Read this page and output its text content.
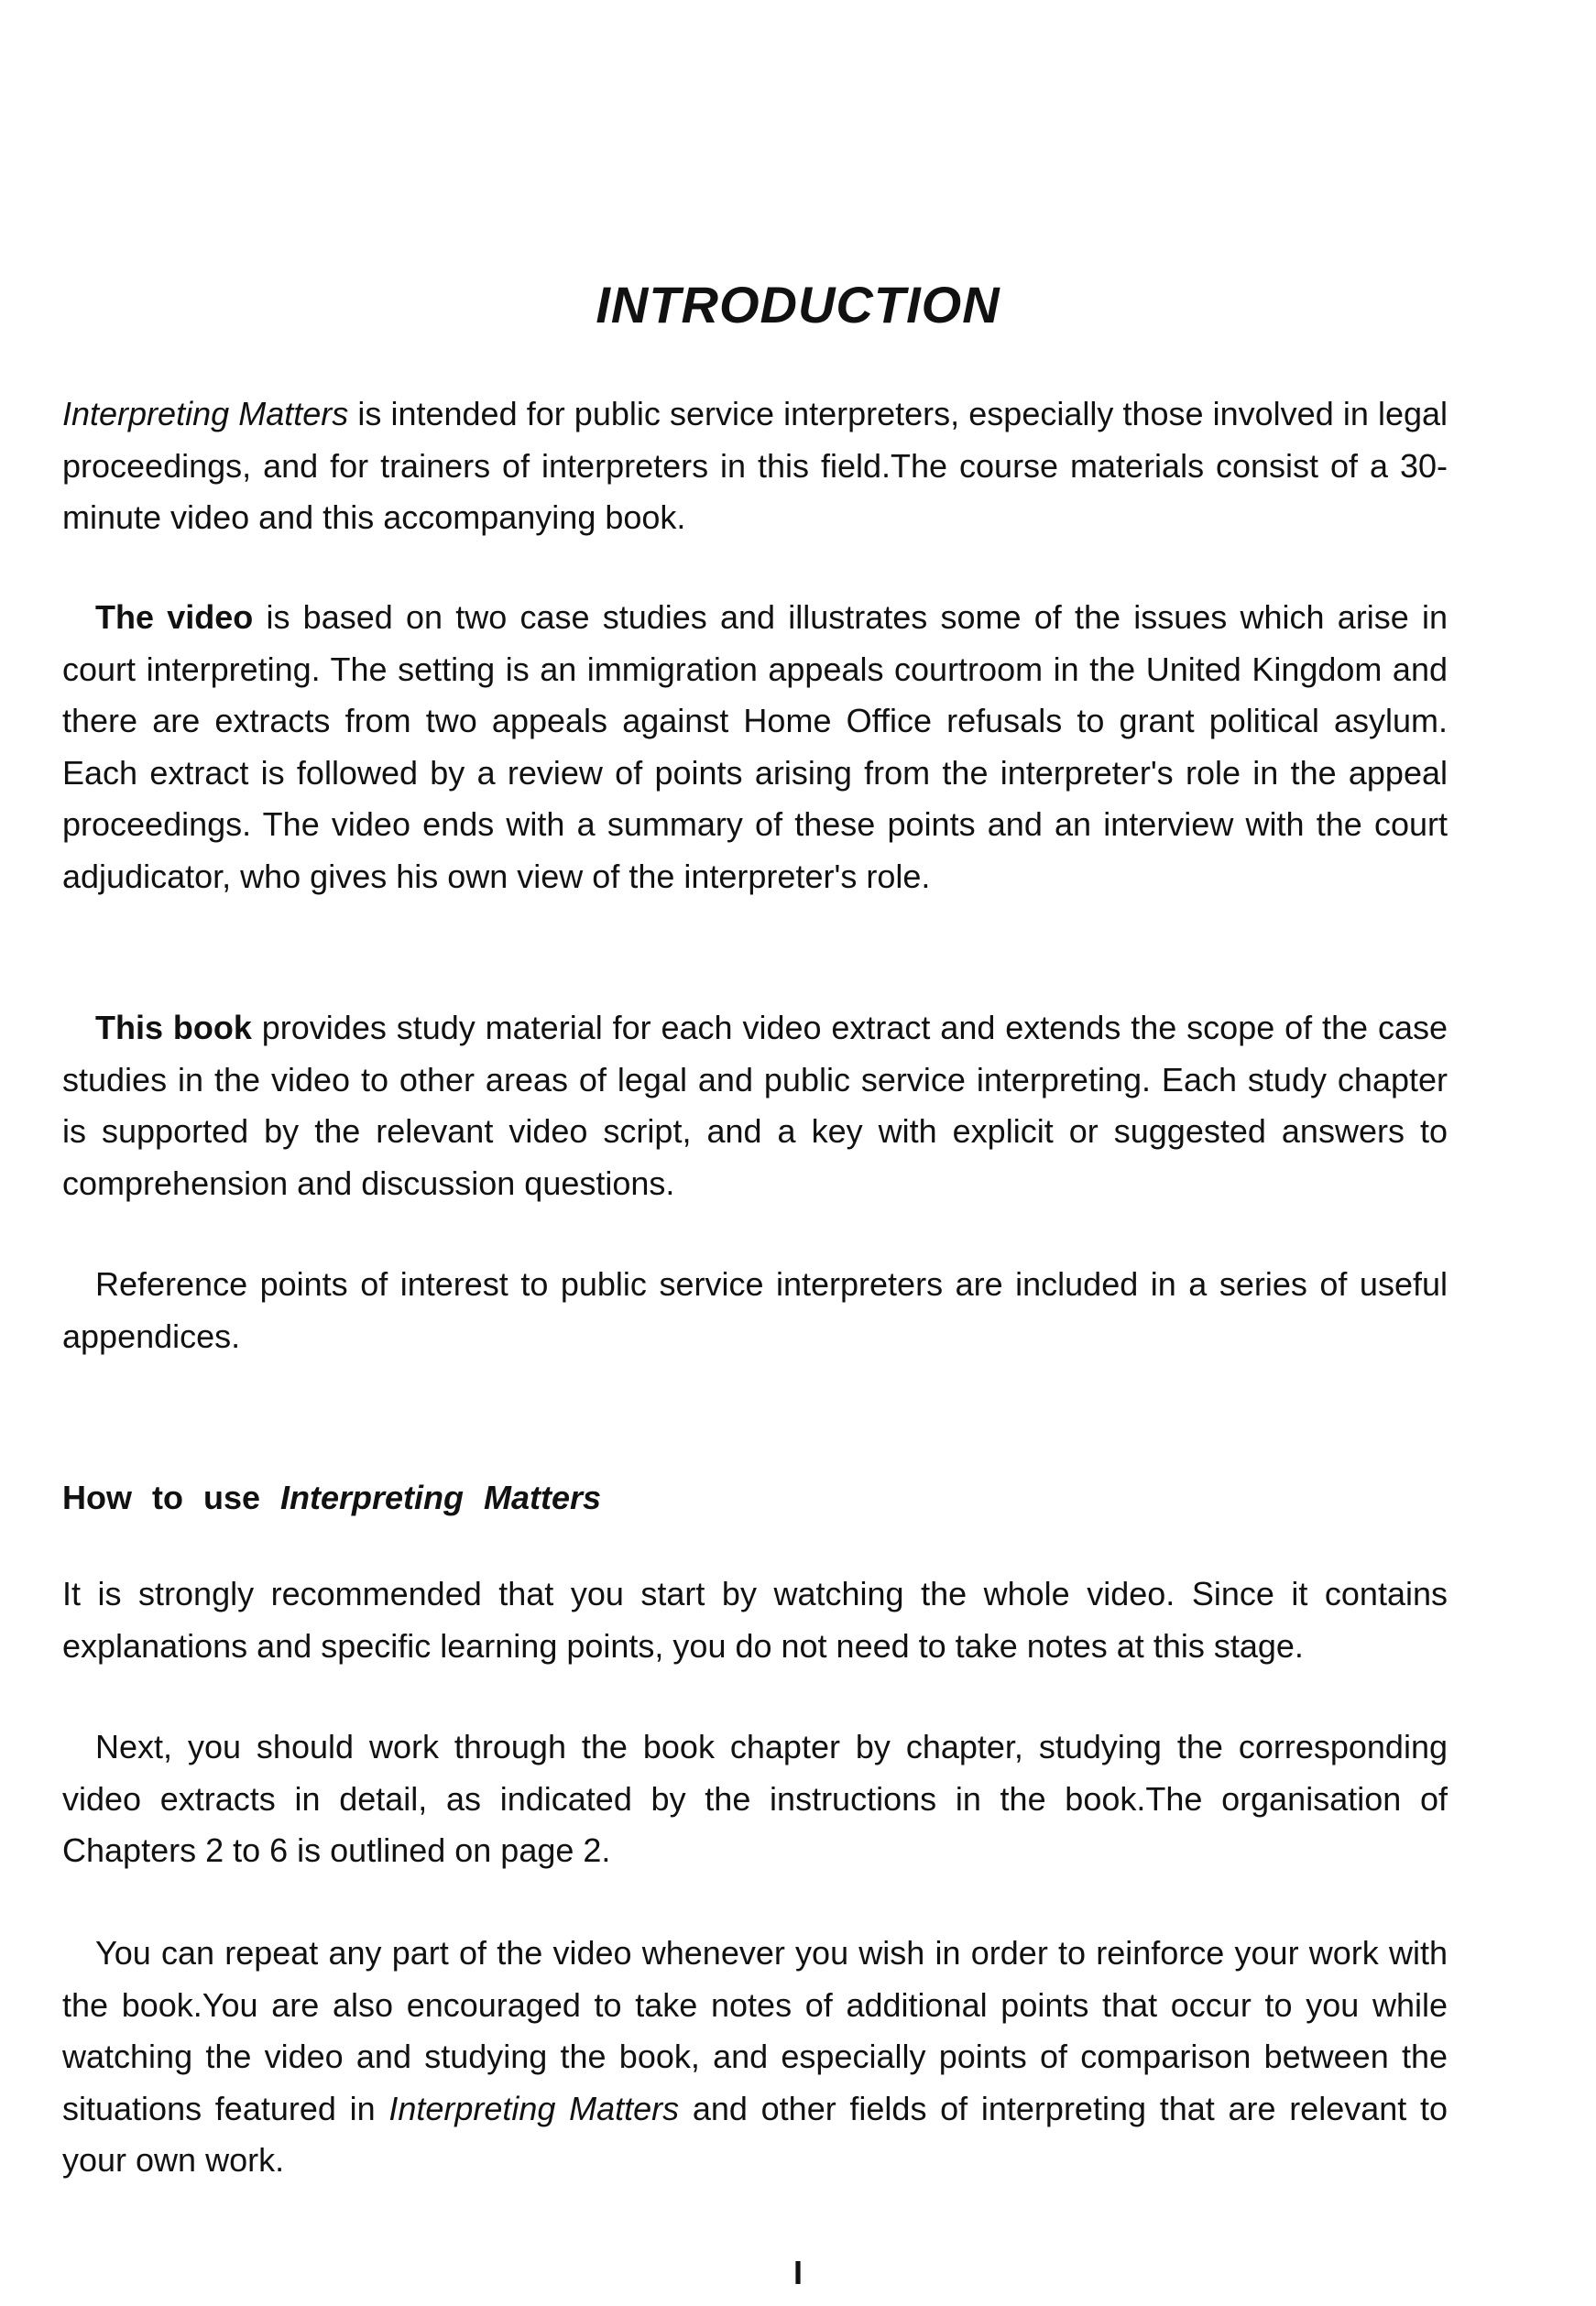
INTRODUCTION

Interpreting Matters is intended for public service interpreters, especially those involved in legal proceedings, and for trainers of interpreters in this field.The course materials consist of a 30-minute video and this accompanying book.

The video is based on two case studies and illustrates some of the issues which arise in court interpreting. The setting is an immigration appeals courtroom in the United Kingdom and there are extracts from two appeals against Home Office refusals to grant political asylum. Each extract is followed by a review of points arising from the interpreter's role in the appeal proceedings. The video ends with a summary of these points and an interview with the court adjudicator, who gives his own view of the interpreter's role.

This book provides study material for each video extract and extends the scope of the case studies in the video to other areas of legal and public service interpreting. Each study chapter is supported by the relevant video script, and a key with explicit or suggested answers to comprehension and discussion questions.

Reference points of interest to public service interpreters are included in a series of useful appendices.

How to use Interpreting Matters

It is strongly recommended that you start by watching the whole video. Since it contains explanations and specific learning points, you do not need to take notes at this stage.

Next, you should work through the book chapter by chapter, studying the corresponding video extracts in detail, as indicated by the instructions in the book.The organisation of Chapters 2 to 6 is outlined on page 2.

You can repeat any part of the video whenever you wish in order to reinforce your work with the book.You are also encouraged to take notes of additional points that occur to you while watching the video and studying the book, and especially points of comparison between the situations featured in Interpreting Matters and other fields of interpreting that are relevant to your own work.

I
